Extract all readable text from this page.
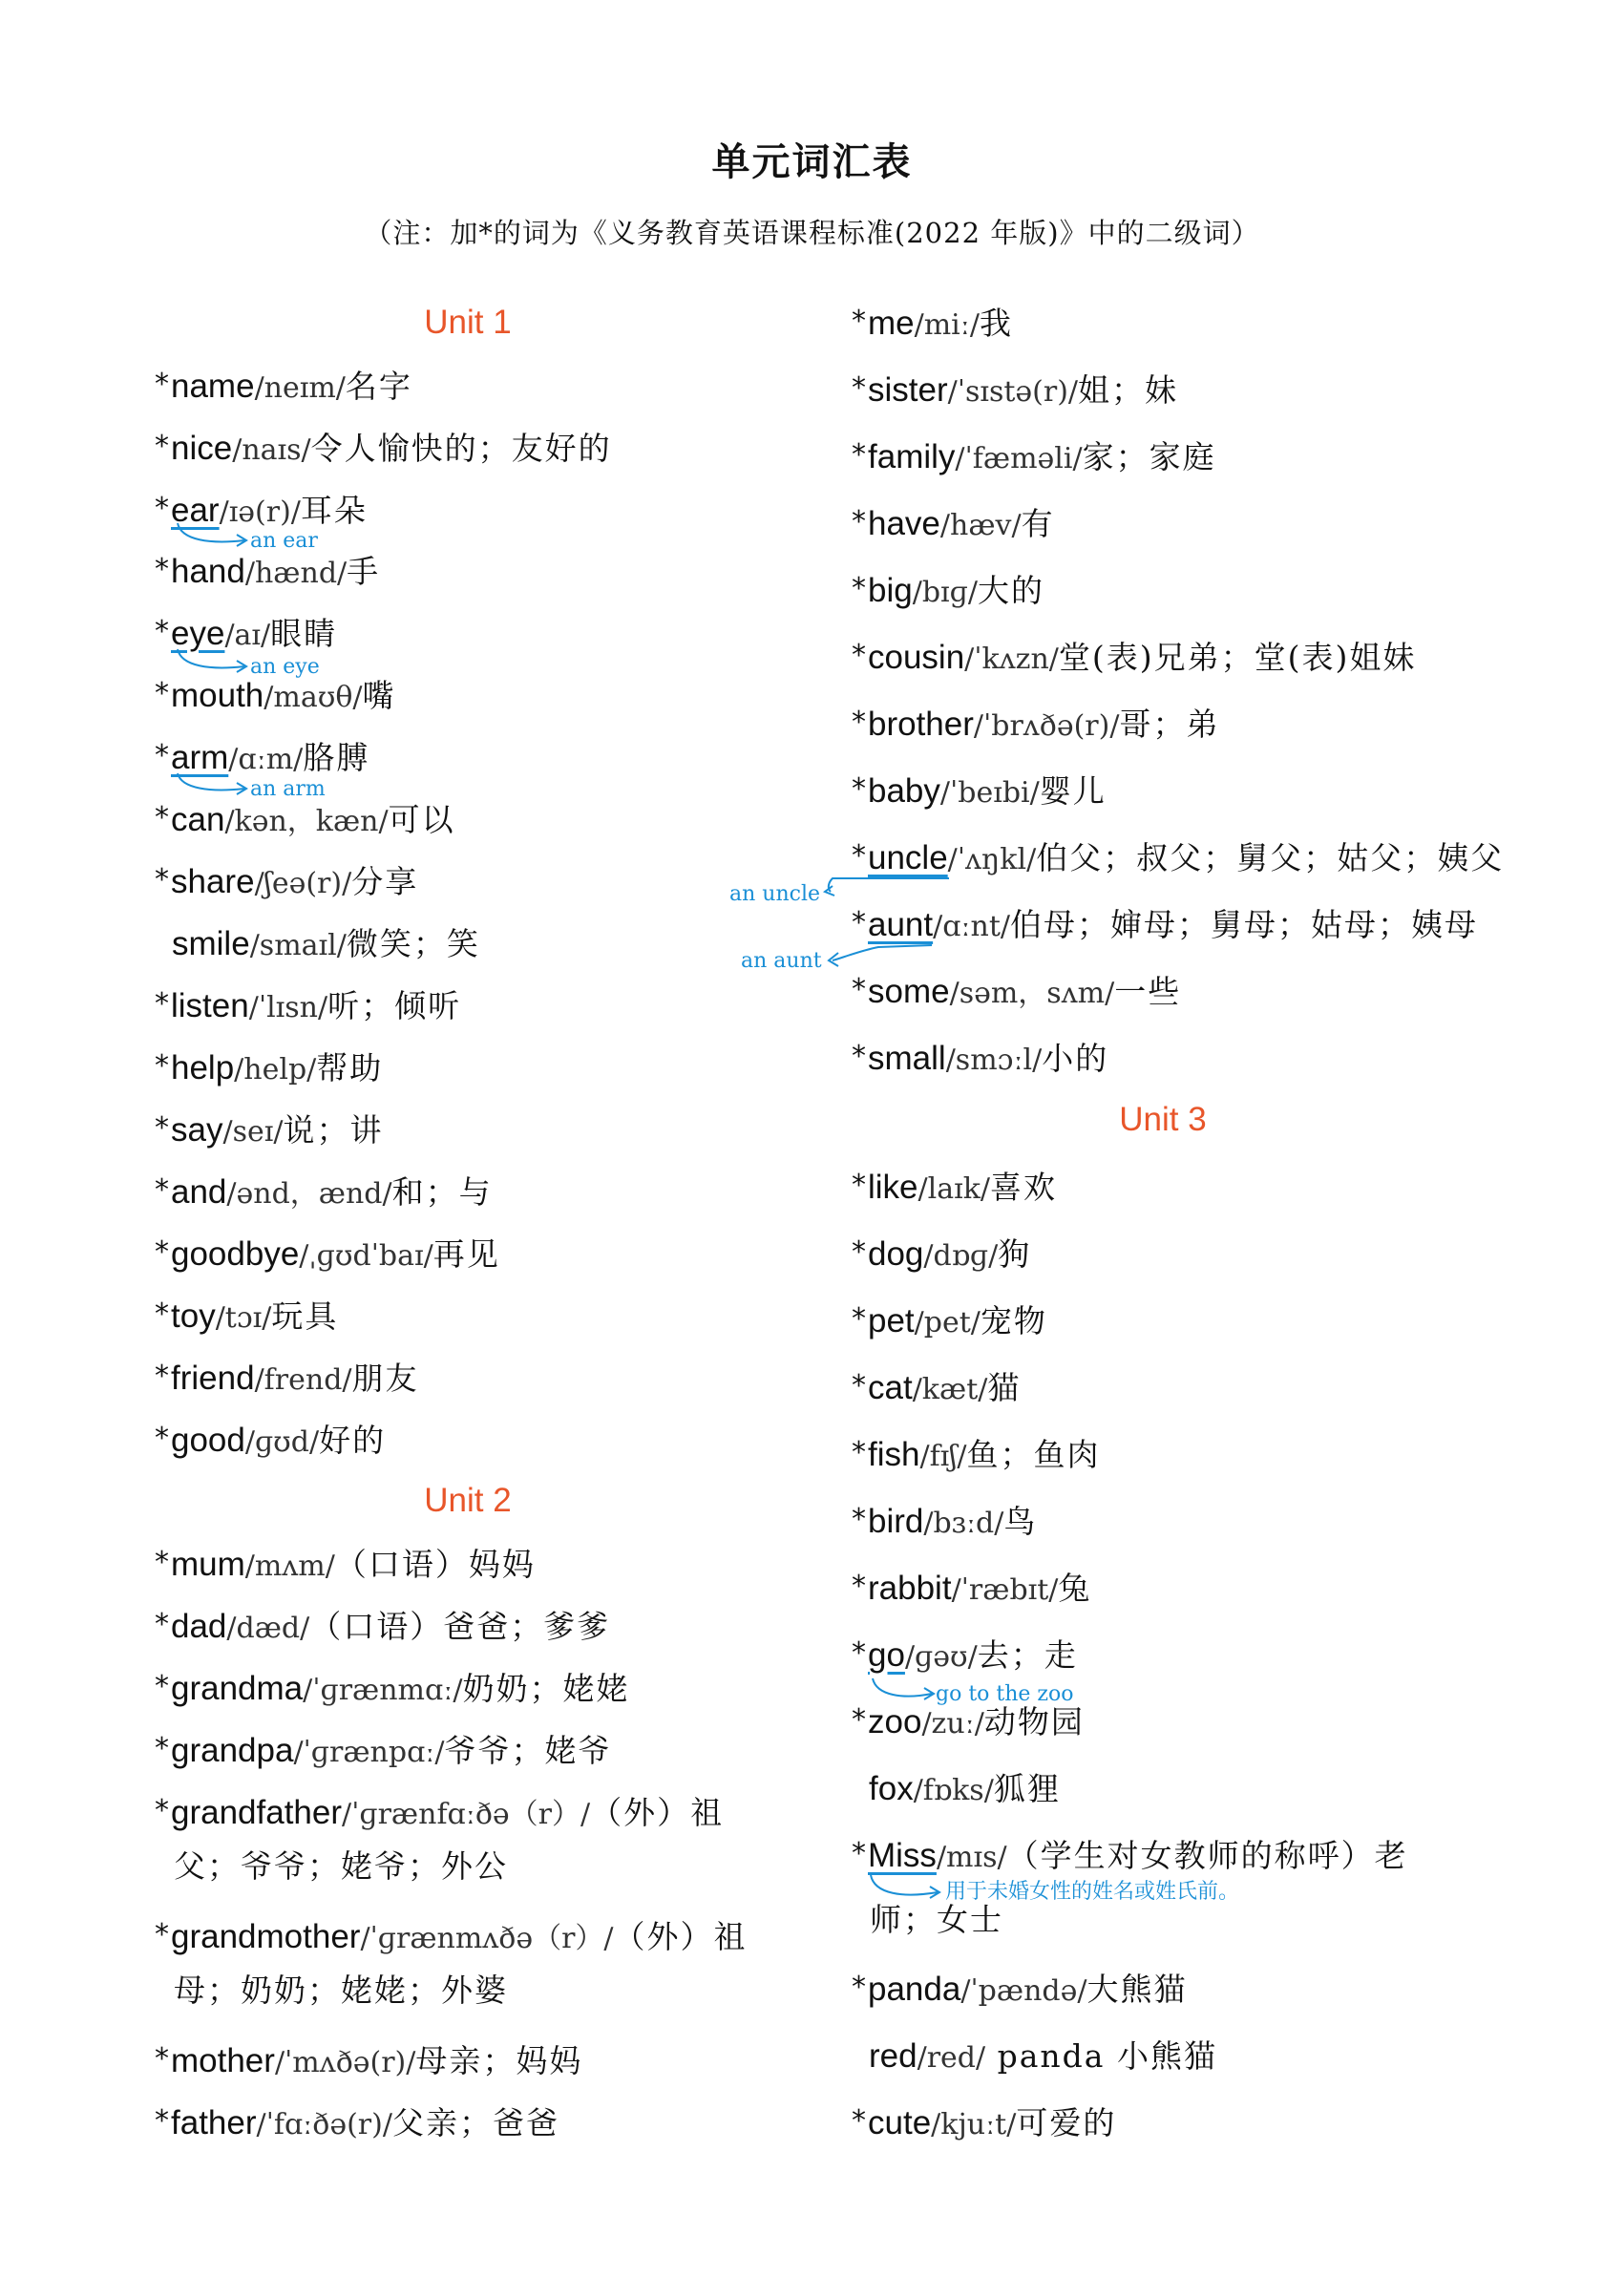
单元词汇表
（注：加*的词为《义务教育英语课程标准(2022 年版)》中的二级词）
Unit 1
Unit 2
Unit 3
*name/neɪm/名字
*nice/naɪs/令人愉快的；友好的
*ear/ɪə(r)/耳朵
*hand/hænd/手
*eye/aɪ/眼睛
*mouth/maʊθ/嘴
*arm/ɑːm/胳膊
*can/kən，kæn/可以
*share/ʃeə(r)/分享
smile/smaɪl/微笑；笑
*listen/ˈlɪsn/听；倾听
*help/help/帮助
*say/seɪ/说；讲
*and/ənd，ænd/和；与
*goodbye/ˌɡʊdˈbaɪ/再见
*toy/tɔɪ/玩具
*friend/frend/朋友
*good/ɡʊd/好的
*mum/mʌm/（口语）妈妈
*dad/dæd/（口语）爸爸；爹爹
*grandma/ˈɡrænmɑː/奶奶；姥姥
*grandpa/ˈɡrænpɑː/爷爷；姥爷
*grandfather/ˈɡrænfɑːðə（r）/（外）祖
*grandmother/ˈɡrænmʌðə（r）/（外）祖
*mother/ˈmʌðə(r)/母亲；妈妈
*father/ˈfɑːðə(r)/父亲；爸爸
*me/miː/我
*sister/ˈsɪstə(r)/姐；妹
*family/ˈfæməli/家；家庭
*have/hæv/有
*big/bɪɡ/大的
*cousin/ˈkʌzn/堂(表)兄弟；堂(表)姐妹
*brother/ˈbrʌðə(r)/哥；弟
*baby/ˈbeɪbi/婴儿
*uncle/ˈʌŋkl/伯父；叔父；舅父；姑父；姨父
*aunt/ɑːnt/伯母；婶母；舅母；姑母；姨母
*some/səm，sʌm/一些
*small/smɔːl/小的
*like/laɪk/喜欢
*dog/dɒɡ/狗
*pet/pet/宠物
*cat/kæt/猫
*fish/fɪʃ/鱼；鱼肉
*bird/bɜːd/鸟
*rabbit/ˈræbɪt/兔
*go/ɡəʊ/去；走
*zoo/zuː/动物园
fox/fɒks/狐狸
*Miss/mɪs/（学生对女教师的称呼）老
*panda/ˈpændə/大熊猫
red/red/ panda 小熊猫
*cute/kjuːt/可爱的
父；爷爷；姥爷；外公
母；奶奶；姥姥；外婆
师；女士
an ear
an eye
an arm
an uncle
an aunt
go to the zoo
用于未婚女性的姓名或姓氏前。
